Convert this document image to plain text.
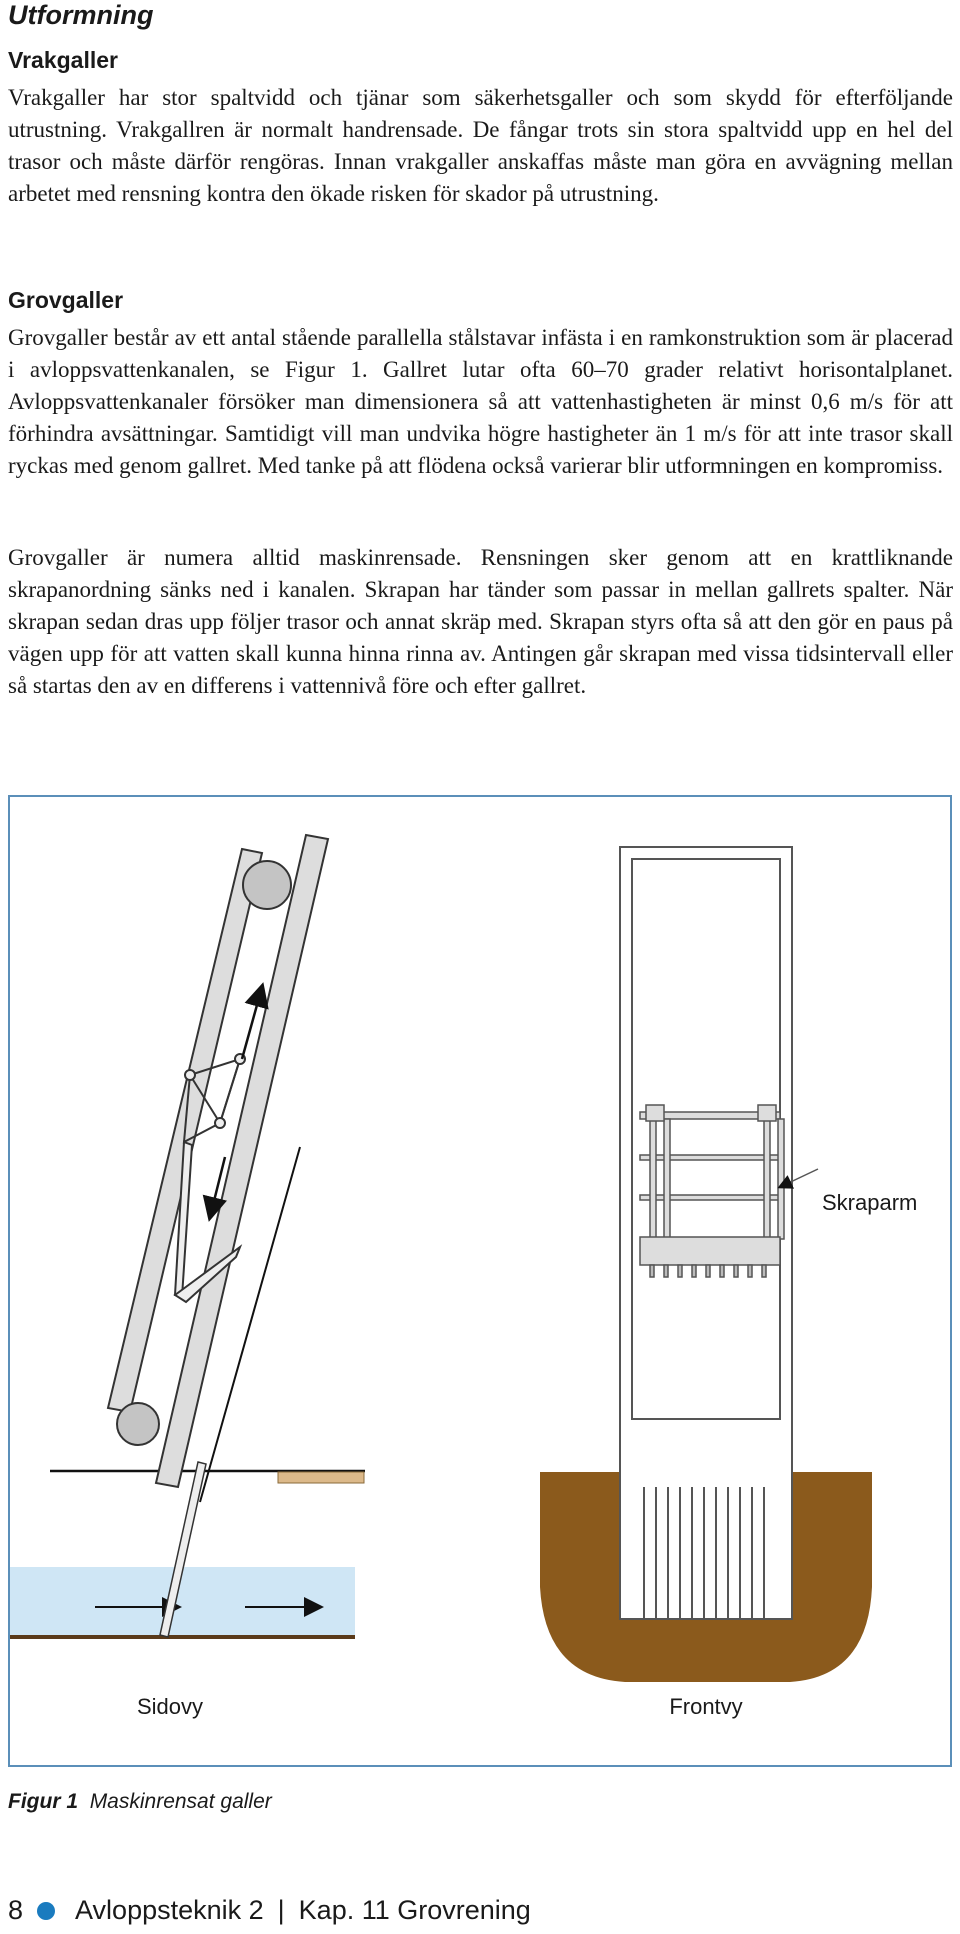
Utformning
Vrakgaller

Vrakgaller har stor spaltvidd och tjänar som säkerhetsgaller och som skydd för efterföljande utrustning. Vrakgallren är normalt handrensade. De fångar trots sin stora spaltvidd upp en hel del trasor och måste därför rengöras. Innan vrakgaller anskaffas måste man göra en avvägning mellan arbetet med rensning kontra den ökade risken för skador på utrustning.

Grovgaller

Grovgaller består av ett antal stående parallella stålstavar infästa i en ramkonstruktion som är placerad i avloppsvattenkanalen, se Figur 1. Gallret lutar ofta 60–70 grader relativt horisontalplanet. Avloppsvattenkanaler försöker man dimensionera så att vattenhastigheten är minst 0,6 m/s för att förhindra avsättningar. Samtidigt vill man undvika högre hastigheter än 1 m/s för att inte trasor skall ryckas med genom gallret. Med tanke på att flödena också varierar blir utformningen en kompromiss.

Grovgaller är numera alltid maskinrensade. Rensningen sker genom att en krattliknande skrapanordning sänks ned i kanalen. Skrapan har tänder som passar in mellan gallrets spalter. När skrapan sedan dras upp följer trasor och annat skräp med. Skrapan styrs ofta så att den gör en paus på vägen upp för att vatten skall kunna hinna rinna av. Antingen går skrapan med vissa tidsintervall eller så startas den av en differens i vattennivå före och efter gallret.

Sidovy
Skraparm
Frontvy
Figur 1 Maskinrensat galler
8 Avloppsteknik 2 | Kap. 11 Grovrening
